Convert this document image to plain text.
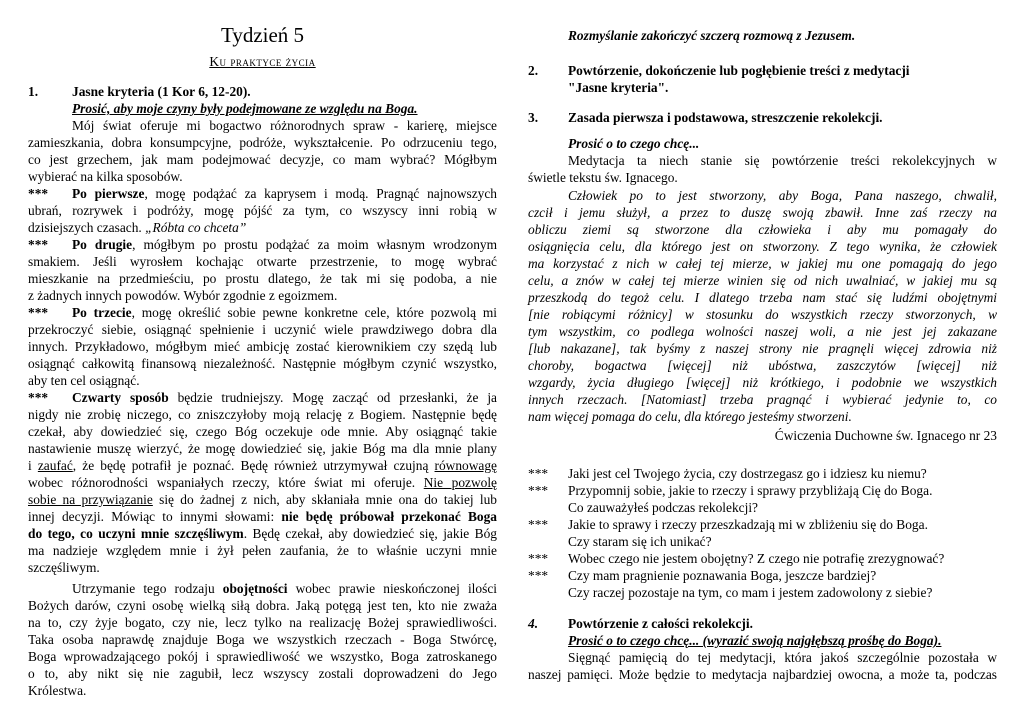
Tydzień 5
Ku praktyce życia
1.	Jasne kryteria (1 Kor 6, 12-20).
Prosić, aby moje czyny były podejmowane ze względu na Boga.
Mój świat oferuje mi bogactwo różnorodnych spraw - karierę, miejsce
zamieszkania, dobra konsumpcyjne, podróże, wykształcenie. Po odrzuceniu tego,
co jest grzechem, jak mam podejmować decyzje, co mam wybrać? Mógłbym
wybierać na kilka sposobów.
*** Po pierwsze, mogę podążać za kaprysem i modą. Pragnąć najnowszych
ubrań, rozrywek i podróży, mogę pójść za tym, co wszyscy inni robią w
dzisiejszych czasach. „Róbta co chceta”
*** Po drugie, mógłbym po prostu podążać za moim własnym wrodzonym
smakiem. Jeśli wyrosłem kochając otwarte przestrzenie, to mogę wybrać
mieszkanie na przedmieściu, po prostu dlatego, że tak mi się podoba, a nie
z żadnych innych powodów. Wybór zgodnie z egoizmem.
*** Po trzecie, mogę określić sobie pewne konkretne cele, które pozwolą mi
przekroczyć siebie, osiągnąć spełnienie i uczynić wiele prawdziwego dobra dla
innych. Przykładowo, mógłbym mieć ambicję zostać kierownikiem czy szędą lub
osiągnąć całkowitą finansową niezależność. Następnie mógłbym czynić wszystko,
aby ten cel osiągnąć.
*** Czwarty sposób będzie trudniejszy. Mogę zacząć od przesłanki, że ja
nigdy nie zrobię niczego, co zniszczyłoby moją relację z Bogiem. Następnie będę
czekał, aby dowiedzieć się, czego Bóg oczekuje ode mnie. Aby osiągnąć takie
nastawienie muszę wierzyć, że mogę dowiedzieć się, jakie Bóg ma dla mnie plany
i zaufać, że będę potrafił je poznać. Będę również utrzymywał czujną równowagę
wobec różnorodności wspaniałych rzeczy, które świat mi oferuje. Nie pozwolę
sobie na przywiązanie się do żadnej z nich, aby skłaniała mnie ona do takiej lub
innej decyzji. Mówiąc to innymi słowami: nie będę próbował przekonać Boga
do tego, co uczyni mnie szczęśliwym. Będę czekał, aby dowiedzieć się, jakie Bóg
ma nadzieje względem mnie i żył pełen zaufania, że to właśnie uczyni mnie
szczęśliwym.
Utrzymanie tego rodzaju obojętności wobec prawie nieskończonej ilości
Bożych darów, czyni osobę wielką siłą dobra. Jaką potęgą jest ten, kto nie zważa
na to, czy żyje bogato, czy nie, lecz tylko na realizację Bożej sprawiedliwości.
Taka osoba naprawdę znajduje Boga we wszystkich rzeczach - Boga Stwórcę,
Boga wprowadzającego pokój i sprawiedliwość we wszystko, Boga zatroskanego
o to, aby nikt się nie zagubił, lecz wszyscy zostali doprowadzeni do Jego
Królestwa.
Rozmyślanie zakończyć szczerą rozmową z Jezusem.
2. Powtórzenie, dokończenie lub pogłębienie treści z medytacji
"Jasne kryteria".
3. Zasada pierwsza i podstawowa, streszczenie rekolekcji.
Prosić o to czego chcę...
Medytacja ta niech stanie się powtórzenie treści rekolekcyjnych w
świetle tekstu św. Ignacego.
Człowiek po to jest stworzony, aby Boga, Pana naszego, chwalił,
czcił i jemu służył, a przez to duszę swoją zbawił. Inne zaś rzeczy na
obliczu ziemi są stworzone dla człowieka i aby mu pomagały do
osiągnięcia celu, dla którego jest on stworzony. Z tego wynika, że człowiek
ma korzystać z nich w całej tej mierze, w jakiej mu one pomagają do jego
celu, a znów w całej tej mierze winien się od nich uwalniać, w jakiej mu są
przeszkodą do tegoż celu. I dlatego trzeba nam stać się ludźmi obojętnymi
[nie robiącymi różnicy] w stosunku do wszystkich rzeczy stworzonych, w
tym wszystkim, co podlega wolności naszej woli, a nie jest jej zakazane
[lub nakazane], tak byśmy z naszej strony nie pragnęli więcej zdrowia niż
choroby, bogactwa [więcej] niż ubóstwa, zaszczytów [więcej] niż
wzgardy, życia długiego [więcej] niż krótkiego, i podobnie we wszystkich
innych rzeczach. [Natomiast] trzeba pragnąć i wybierać jedynie to, co
nam więcej pomaga do celu, dla którego jesteśmy stworzeni.
Ćwiczenia Duchowne św. Ignacego nr 23
*** Jaki jest cel Twojego życia, czy dostrzegasz go i idziesz ku niemu?
*** Przypomnij sobie, jakie to rzeczy i sprawy przybliżają Cię do Boga.
Co zauważyłeś podczas rekolekcji?
*** Jakie to sprawy i rzeczy przeszkadzają mi w zbliżeniu się do Boga.
Czy staram się ich unikać?
*** Wobec czego nie jestem obojętny? Z czego nie potrafię zrezygnować?
*** Czy mam pragnienie poznawania Boga, jeszcze bardziej?
Czy raczej pozostaje na tym, co mam i jestem zadowolony z siebie?
4. Powtórzenie z całości rekolekcji.
Prosić o to czego chcę... (wyrazić swoją najgłębszą prośbę do Boga).
Sięgnąć pamięcią do tej medytacji, która jakoś szczególnie pozostała w
naszej pamięci. Może będzie to medytacja najbardziej owocna, a może ta, podczas
